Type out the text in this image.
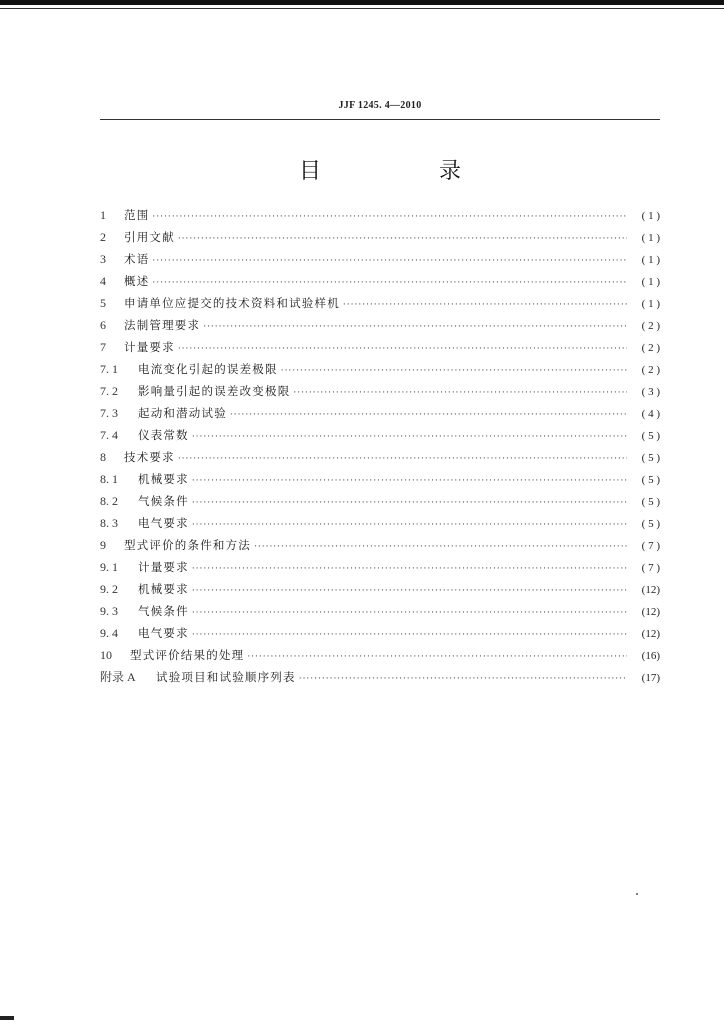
JJF 1245. 4—2010
目　录
1	范围 ·····	( 1 )
2	引用文献 ·····	( 1 )
3	术语 ·····	( 1 )
4	概述 ·····	( 1 )
5	申请单位应提交的技术资料和试验样机 ·····	( 1 )
6	法制管理要求 ·····	( 2 )
7	计量要求 ·····	( 2 )
7. 1	电流变化引起的误差极限 ·····	( 2 )
7. 2	影响量引起的误差改变极限 ·····	( 3 )
7. 3	起动和潜动试验 ·····	( 4 )
7. 4	仪表常数 ·····	( 5 )
8	技术要求 ·····	( 5 )
8. 1	机械要求 ·····	( 5 )
8. 2	气候条件 ·····	( 5 )
8. 3	电气要求 ·····	( 5 )
9	型式评价的条件和方法 ·····	( 7 )
9. 1	计量要求 ·····	( 7 )
9. 2	机械要求 ·····	(12)
9. 3	气候条件 ·····	(12)
9. 4	电气要求 ·····	(12)
10	型式评价结果的处理 ·····	(16)
附录 A	试验项目和试验顺序列表 ·····	(17)
